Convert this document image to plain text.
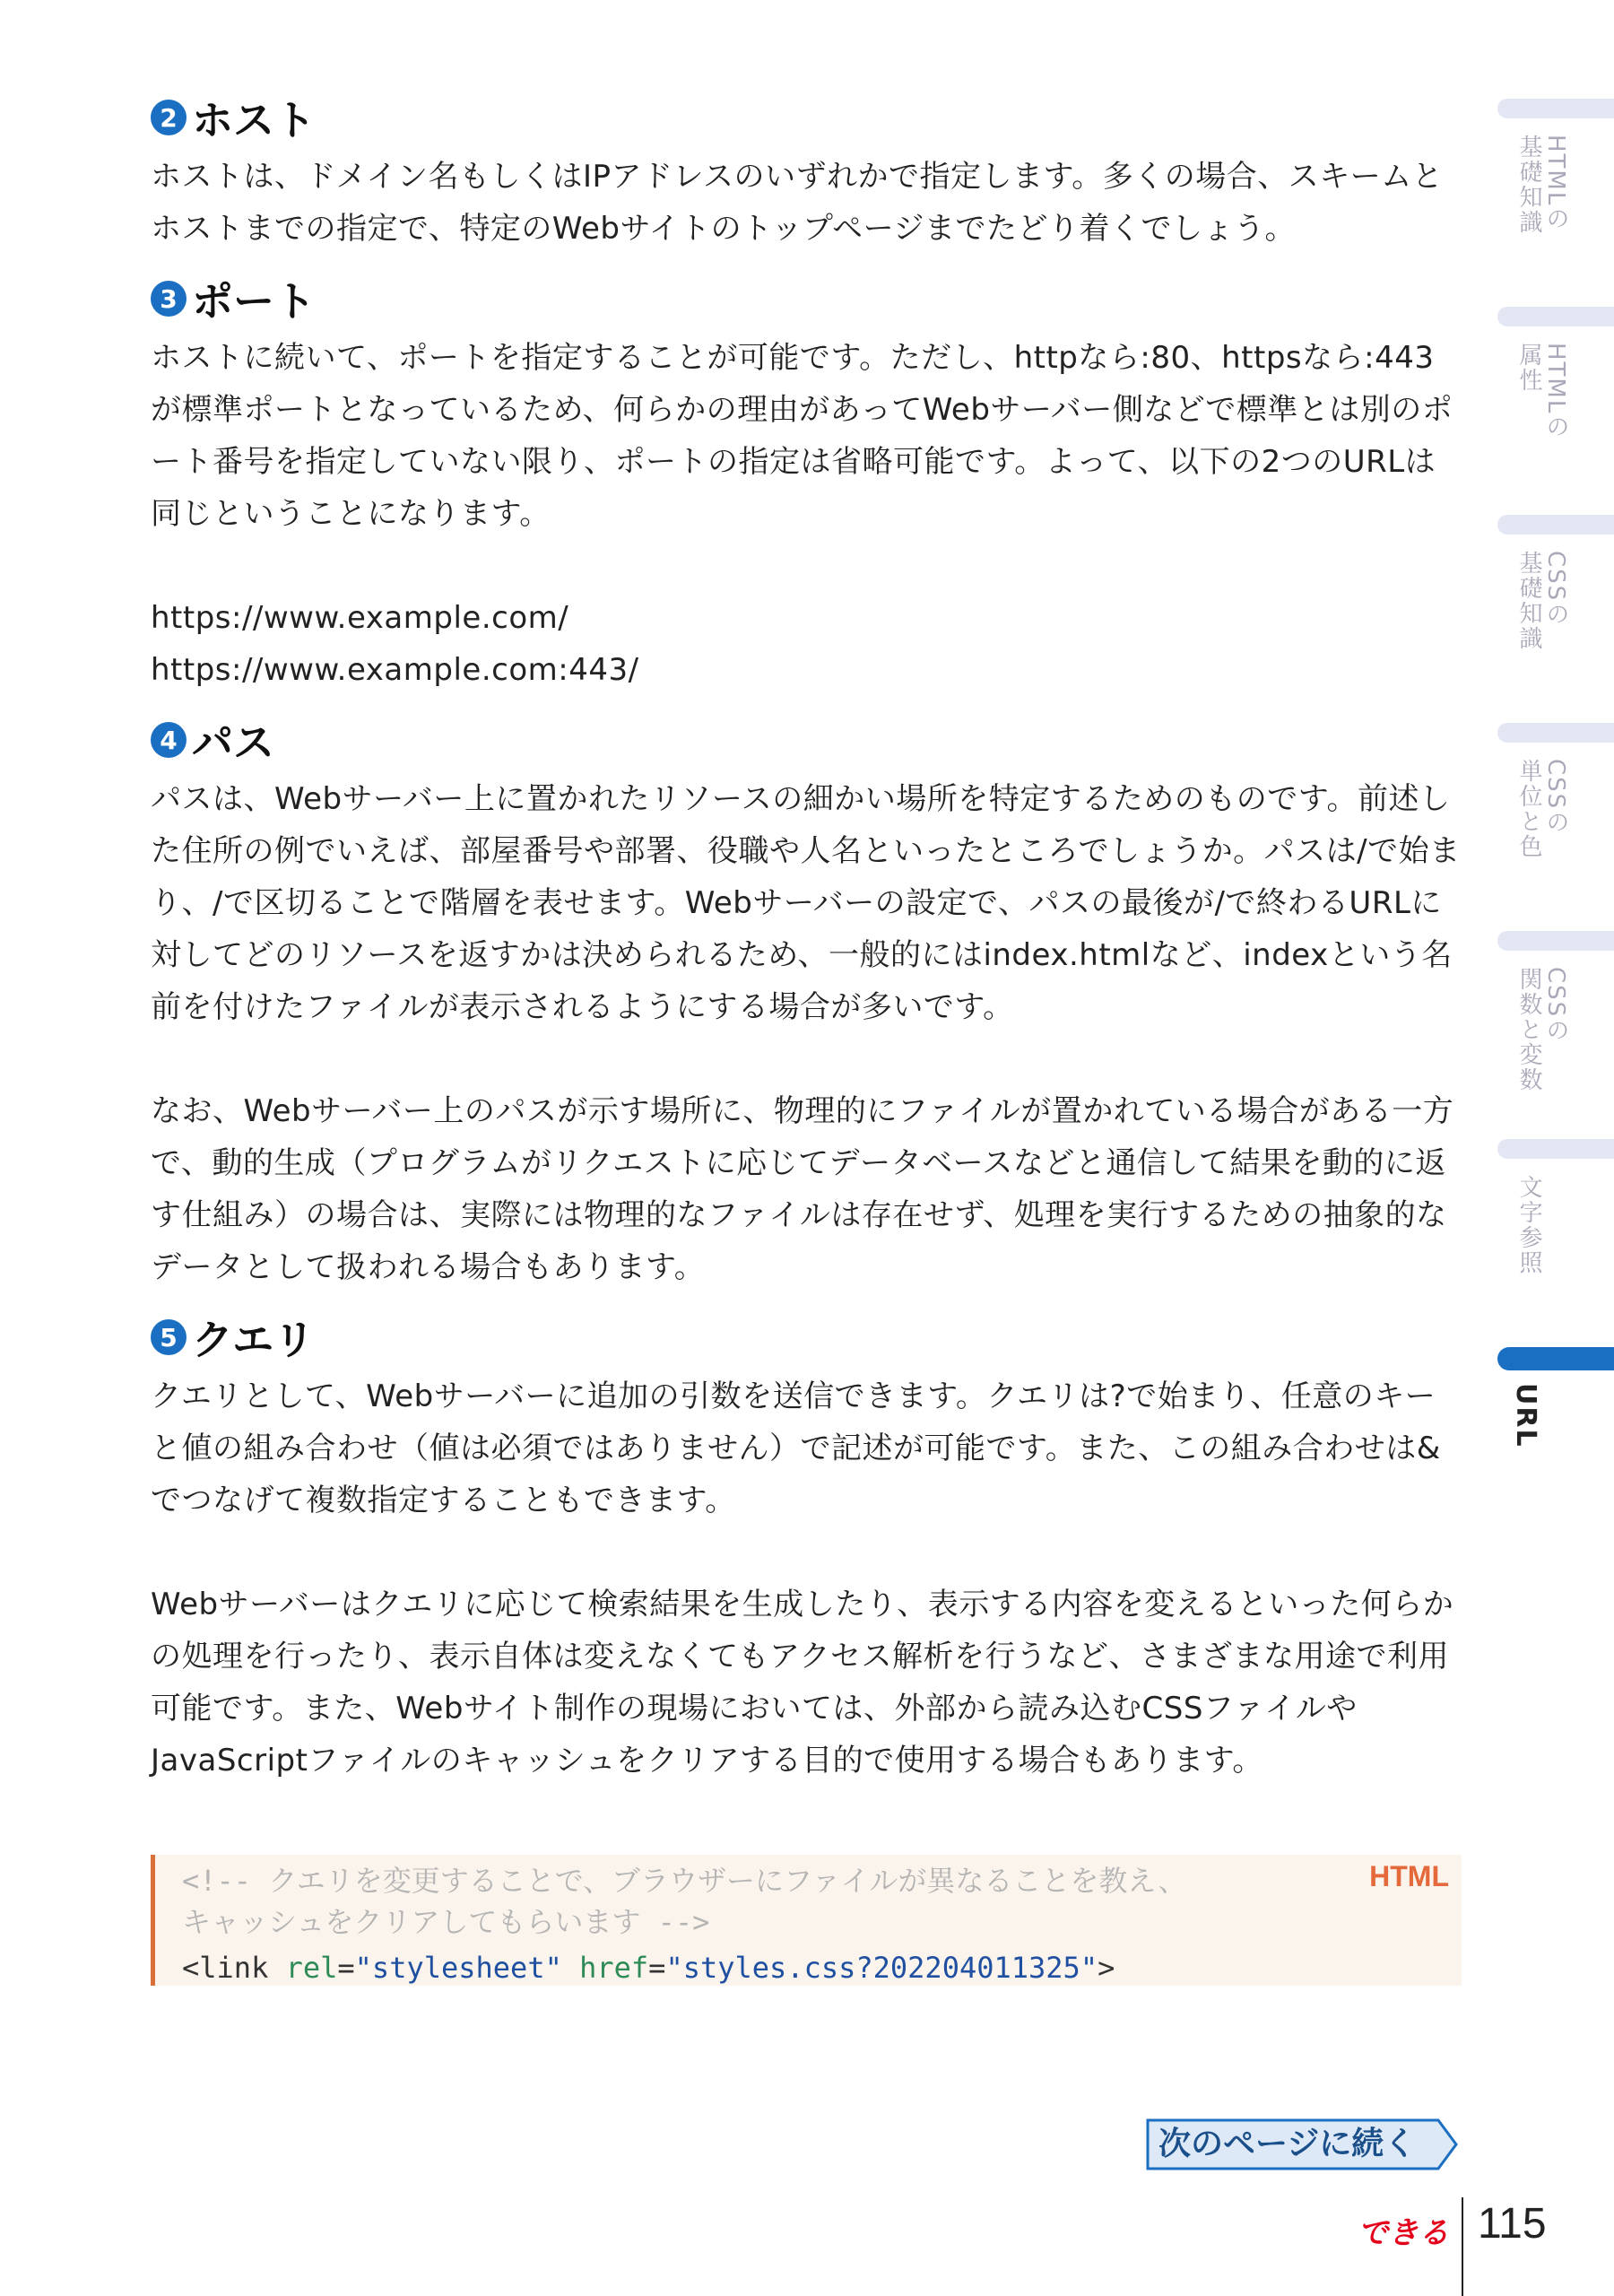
2 ホスト

ホストは、ドメイン名もしくはIPアドレスのいずれかで指定します。多くの場合、スキームとホストまでの指定で、特定のWebサイトのトップページまでたどり着くでしょう。

3 ポート

ホストに続いて、ポートを指定することが可能です。ただし、httpなら:80、httpsなら:443が標準ポートとなっているため、何らかの理由があってWebサーバー側などで標準とは別のポート番号を指定していない限り、ポートの指定は省略可能です。よって、以下の2つのURLは同じということになります。

https://www.example.com/

https://www.example.com:443/

4 パス

パスは、Webサーバー上に置かれたリソースの細かい場所を特定するためのものです。前述した住所の例でいえば、部屋番号や部署、役職や人名といったところでしょうか。パスは/で始まり、/で区切ることで階層を表せます。Webサーバーの設定で、パスの最後が/で終わるURLに対してどのリソースを返すかは決められるため、一般的にはindex.htmlなど、indexという名前を付けたファイルが表示されるようにする場合が多いです。

なお、Webサーバー上のパスが示す場所に、物理的にファイルが置かれている場合がある一方で、動的生成（プログラムがリクエストに応じてデータベースなどと通信して結果を動的に返す仕組み）の場合は、実際には物理的なファイルは存在せず、処理を実行するための抽象的なデータとして扱われる場合もあります。

5 クエリ

クエリとして、Webサーバーに追加の引数を送信できます。クエリは?で始まり、任意のキーと値の組み合わせ（値は必須ではありません）で記述が可能です。また、この組み合わせは&でつなげて複数指定することもできます。

Webサーバーはクエリに応じて検索結果を生成したり、表示する内容を変えるといった何らかの処理を行ったり、表示自体は変えなくてもアクセス解析を行うなど、さまざまな用途で利用可能です。また、Webサイト制作の現場においては、外部から読み込むCSSファイルやJavaScriptファイルのキャッシュをクリアする目的で使用する場合もあります。

HTML
<!-- クエリを変更することで、ブラウザーにファイルが異なることを教え、
キャッシュをクリアしてもらいます -->
<link rel="stylesheet" href="styles.css?202204011325">
次のページに続く
できる 115
HTMLの
基礎知識
HTMLの
属性
CSSの
基礎知識
CSSの
単位と色
CSSの
関数と変数
文字参照
URL
